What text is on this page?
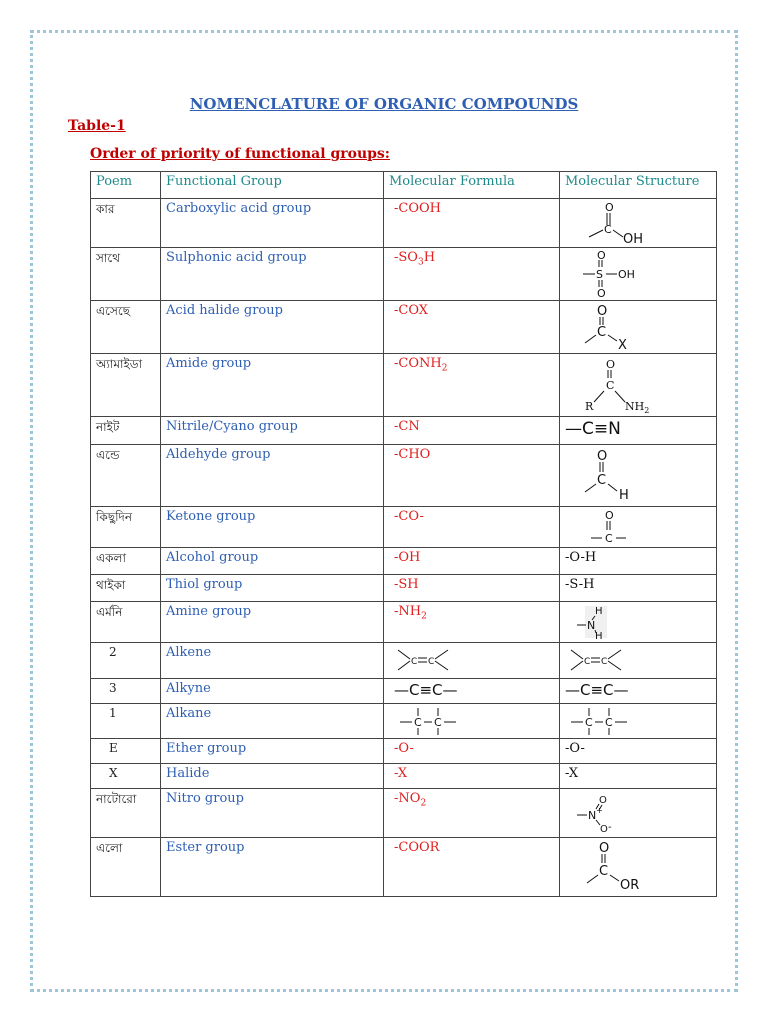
NOMENCLATURE OF ORGANIC COMPOUNDS
Table-1
Order of priority of functional groups:
Poem	Functional Group	Molecular Formula	Molecular Structure
কার	Carboxylic acid group	-COOH	O
C
OH

সাথে	Sulphonic acid group	$-SO_3H$	O
S OH
O

এসেছে	Acid halide group	-COX	O
C
X

অ্যামাইডা	Amide group	$-CONH_2$	O
C
R $NH_2$

নাইট	Nitrile/Cyano group	-CN	—C≡N
এন্ডে	Aldehyde group	-CHO	O
C
H

কিছুদিন	Ketone group	-CO-	O
C

একলা	Alcohol group	-OH	-O-H
থাইকা	Thiol group	-SH	-S-H
এর্মনি	Amine group	$-NH_2$	H
N
H

2	Alkene	C C	C C

3	Alkyne	—C≡C—	—C≡C—
1	Alkane	C C	C C

E	Ether group	-O-	-O-
X	Halide	-X	-X
নাটোরো	Nitro group	$-NO_2$	O
N +
O -

এলো	Ester group	-COOR	O
C
OR
